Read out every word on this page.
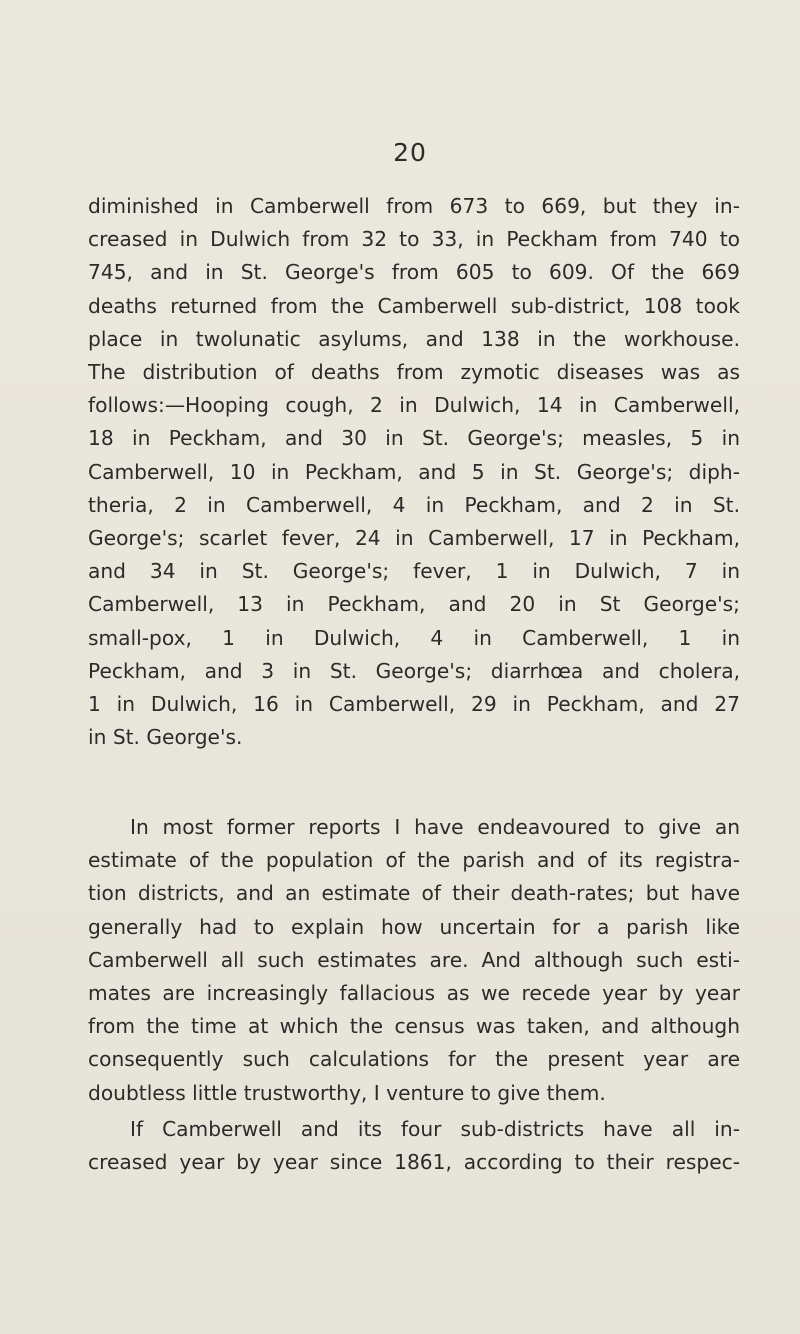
20
diminished in Camberwell from 673 to 669, but they in-
creased in Dulwich from 32 to 33, in Peckham from 740 to
745, and in St. George's from 605 to 609. Of the 669
deaths returned from the Camberwell sub-district, 108 took
place in twolunatic asylums, and 138 in the workhouse.
The distribution of deaths from zymotic diseases was as
follows:—Hooping cough, 2 in Dulwich, 14 in Camberwell,
18 in Peckham, and 30 in St. George's; measles, 5 in
Camberwell, 10 in Peckham, and 5 in St. George's; diph-
theria, 2 in Camberwell, 4 in Peckham, and 2 in St.
George's; scarlet fever, 24 in Camberwell, 17 in Peckham,
and 34 in St. George's; fever, 1 in Dulwich, 7 in
Camberwell, 13 in Peckham, and 20 in St George's;
small-pox, 1 in Dulwich, 4 in Camberwell, 1 in
Peckham, and 3 in St. George's; diarrhœa and cholera,
1 in Dulwich, 16 in Camberwell, 29 in Peckham, and 27
in St. George's.
In most former reports I have endeavoured to give an
estimate of the population of the parish and of its registra-
tion districts, and an estimate of their death-rates; but have
generally had to explain how uncertain for a parish like
Camberwell all such estimates are. And although such esti-
mates are increasingly fallacious as we recede year by year
from the time at which the census was taken, and although
consequently such calculations for the present year are
doubtless little trustworthy, I venture to give them.
If Camberwell and its four sub-districts have all in-
creased year by year since 1861, according to their respec-
